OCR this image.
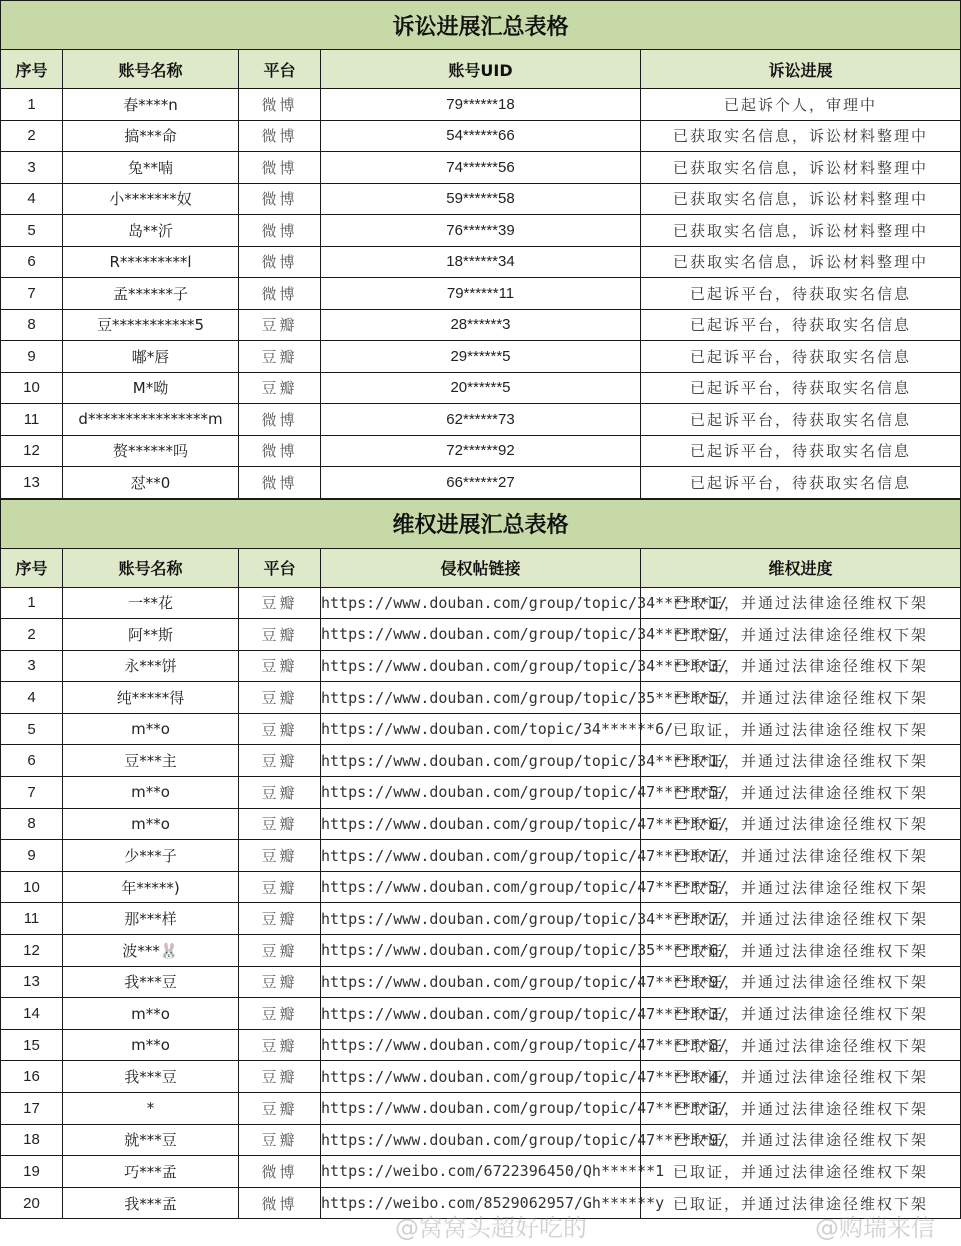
诉讼进展汇总表格				
序号	账号名称	平台	账号UID	诉讼进展
1	春****n	微博	79******18	已起诉个人，审理中
2	搞***命	微博	54******66	已获取实名信息，诉讼材料整理中
3	兔**喃	微博	74******56	已获取实名信息，诉讼材料整理中
4	小*******奴	微博	59******58	已获取实名信息，诉讼材料整理中
5	岛**沂	微博	76******39	已获取实名信息，诉讼材料整理中
6	R*********l	微博	18******34	已获取实名信息，诉讼材料整理中
7	孟******子	微博	79******11	已起诉平台，待获取实名信息
8	豆***********5	豆瓣	28******3	已起诉平台，待获取实名信息
9	嘟*唇	豆瓣	29******5	已起诉平台，待获取实名信息
10	M*呦	豆瓣	20******5	已起诉平台，待获取实名信息
11	d****************m	微博	62******73	已起诉平台，待获取实名信息
12	赘******吗	微博	72******92	已起诉平台，待获取实名信息
13	怼**0	微博	66******27	已起诉平台，待获取实名信息
维权进展汇总表格				
序号	账号名称	平台	侵权帖链接	维权进度
1	一**花	豆瓣	https://www.douban.com/group/topic/34******1/	已取证，并通过法律途径维权下架
2	阿**斯	豆瓣	https://www.douban.com/group/topic/34******9/	已取证，并通过法律途径维权下架
3	永***饼	豆瓣	https://www.douban.com/group/topic/34******3/	已取证，并通过法律途径维权下架
4	纯*****得	豆瓣	https://www.douban.com/group/topic/35******5/	已取证，并通过法律途径维权下架
5	m**o	豆瓣	https://www.douban.com/topic/34******6/	已取证，并通过法律途径维权下架
6	豆***主	豆瓣	https://www.douban.com/group/topic/34******1/	已取证，并通过法律途径维权下架
7	m**o	豆瓣	https://www.douban.com/group/topic/47******5/	已取证，并通过法律途径维权下架
8	m**o	豆瓣	https://www.douban.com/group/topic/47******6/	已取证，并通过法律途径维权下架
9	少***子	豆瓣	https://www.douban.com/group/topic/47******7/	已取证，并通过法律途径维权下架
10	年*****)	豆瓣	https://www.douban.com/group/topic/47******5/	已取证，并通过法律途径维权下架
11	那***样	豆瓣	https://www.douban.com/group/topic/34******7/	已取证，并通过法律途径维权下架
12	波***🐰	豆瓣	https://www.douban.com/group/topic/35******6/	已取证，并通过法律途径维权下架
13	我***豆	豆瓣	https://www.douban.com/group/topic/47******9/	已取证，并通过法律途径维权下架
14	m**o	豆瓣	https://www.douban.com/group/topic/47******3/	已取证，并通过法律途径维权下架
15	m**o	豆瓣	https://www.douban.com/group/topic/47******8/	已取证，并通过法律途径维权下架
16	我***豆	豆瓣	https://www.douban.com/group/topic/47******4/	已取证，并通过法律途径维权下架
17	*	豆瓣	https://www.douban.com/group/topic/47******3/	已取证，并通过法律途径维权下架
18	就***豆	豆瓣	https://www.douban.com/group/topic/47******9/	已取证，并通过法律途径维权下架
19	巧***孟	微博	https://weibo.com/6722396450/Qh******1	已取证，并通过法律途径维权下架
20	我***孟	微博	https://weibo.com/8529062957/Gh******y	已取证，并通过法律途径维权下架
@窝窝头超好吃的	@购瑞来信
